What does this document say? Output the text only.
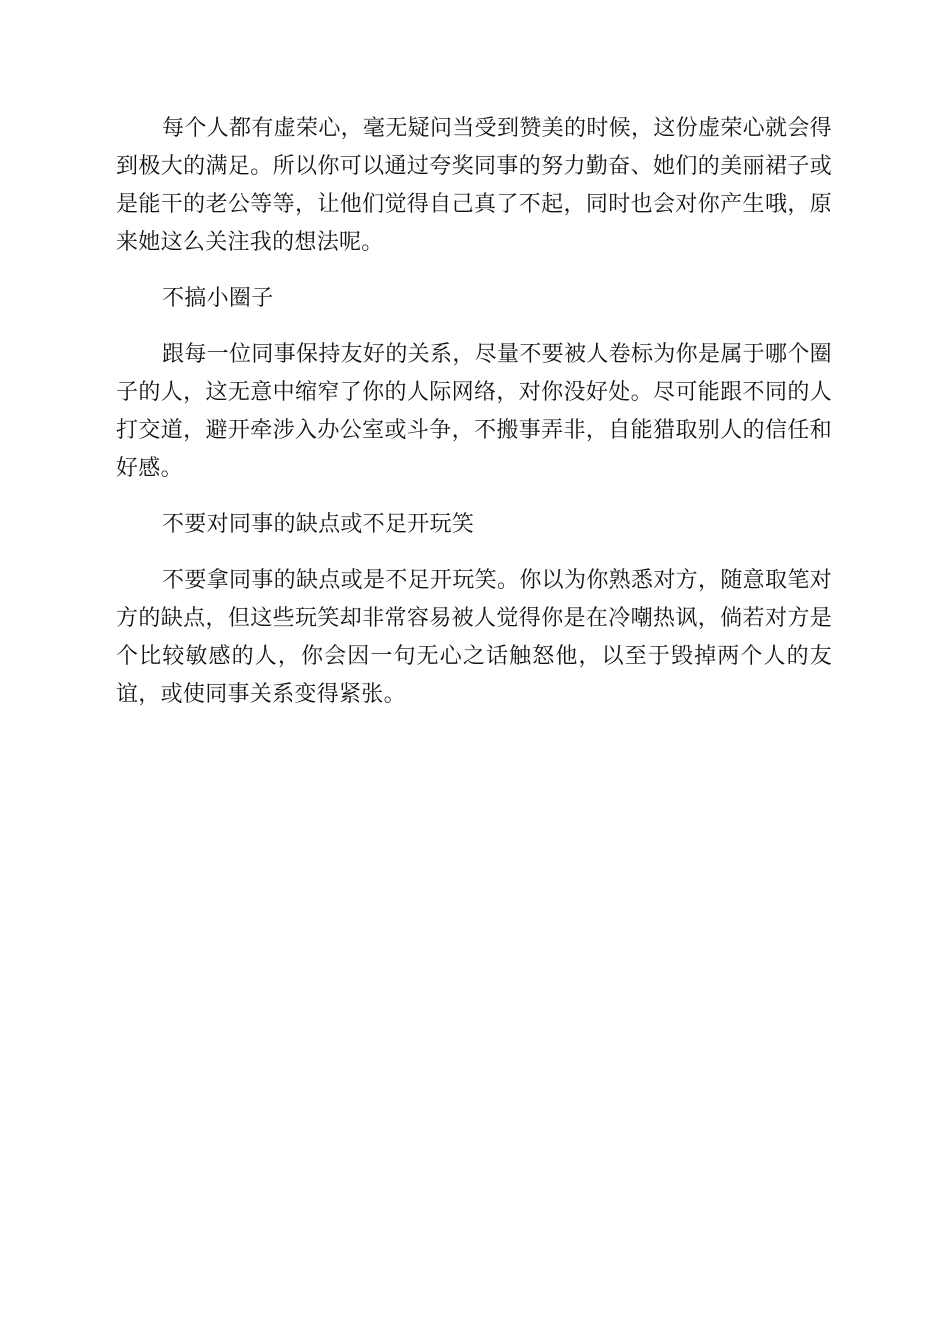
每个人都有虚荣心，毫无疑问当受到赞美的时候，这份虚荣心就会得到极大的满足。所以你可以通过夸奖同事的努力勤奋、她们的美丽裙子或是能干的老公等等，让他们觉得自己真了不起，同时也会对你产生哦，原来她这么关注我的想法呢。

不搞小圈子

跟每一位同事保持友好的关系，尽量不要被人卷标为你是属于哪个圈子的人，这无意中缩窄了你的人际网络，对你没好处。尽可能跟不同的人打交道，避开牵涉入办公室或斗争，不搬事弄非，自能猎取别人的信任和好感。

不要对同事的缺点或不足开玩笑

不要拿同事的缺点或是不足开玩笑。你以为你熟悉对方，随意取笔对方的缺点，但这些玩笑却非常容易被人觉得你是在冷嘲热讽，倘若对方是个比较敏感的人，你会因一句无心之话触怒他，以至于毁掉两个人的友谊，或使同事关系变得紧张。
